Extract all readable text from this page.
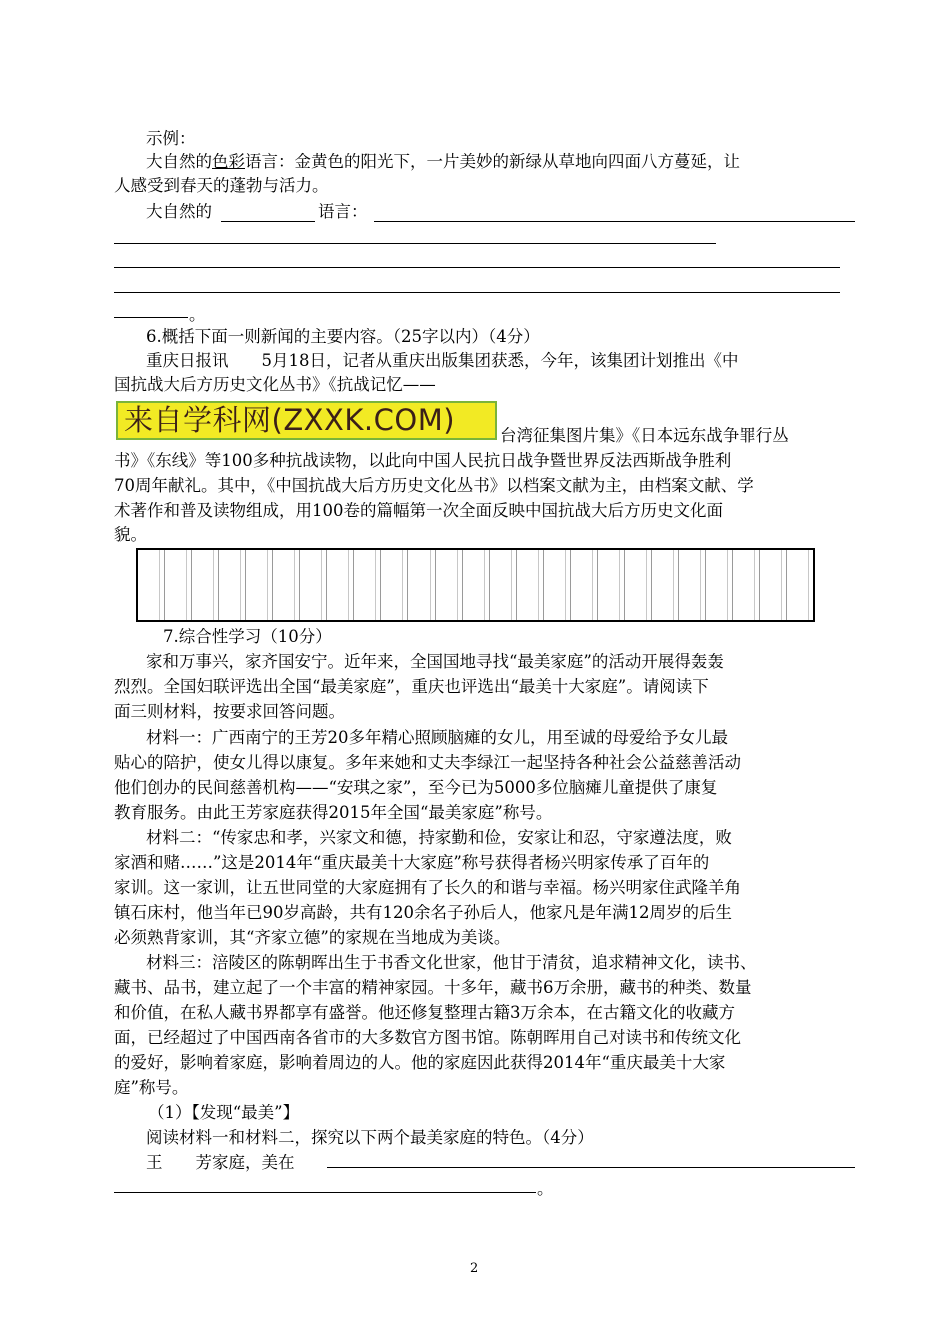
示例：
大自然的色彩语言：金黄色的阳光下，一片美妙的新绿从草地向四面八方蔓延，让
人感受到春天的蓬勃与活力。
大自然的	语言：
。
6.概括下面一则新闻的主要内容。（25字以内）（4分）
重庆日报讯　　5月18日，记者从重庆出版集团获悉，今年，该集团计划推出《中
国抗战大后方历史文化丛书》《抗战记忆——
来自学科网(ZXXK.COM)	台湾征集图片集》《日本远东战争罪行丛
书》《东线》等100多种抗战读物，以此向中国人民抗日战争暨世界反法西斯战争胜利
70周年献礼。其中，《中国抗战大后方历史文化丛书》以档案文献为主，由档案文献、学
术著作和普及读物组成，用100卷的篇幅第一次全面反映中国抗战大后方历史文化面
貌。
7.综合性学习（10分）
家和万事兴，家齐国安宁。近年来，全国国地寻找“最美家庭”的活动开展得轰轰
烈烈。全国妇联评选出全国“最美家庭”，重庆也评选出“最美十大家庭”。请阅读下
面三则材料，按要求回答问题。
材料一：广西南宁的王芳20多年精心照顾脑瘫的女儿，用至诚的母爱给予女儿最
贴心的陪护，使女儿得以康复。多年来她和丈夫李绿江一起坚持各种社会公益慈善活动
他们创办的民间慈善机构——“安琪之家”，至今已为5000多位脑瘫儿童提供了康复
教育服务。由此王芳家庭获得2015年全国“最美家庭”称号。
材料二：“传家忠和孝，兴家文和德，持家勤和俭，安家让和忍，守家遵法度，败
家酒和赌……”这是2014年“重庆最美十大家庭”称号获得者杨兴明家传承了百年的
家训。这一家训，让五世同堂的大家庭拥有了长久的和谐与幸福。杨兴明家住武隆羊角
镇石床村，他当年已90岁高龄，共有120余名子孙后人，他家凡是年满12周岁的后生
必须熟背家训，其“齐家立德”的家规在当地成为美谈。
材料三：涪陵区的陈朝晖出生于书香文化世家，他甘于清贫，追求精神文化，读书、
藏书、品书，建立起了一个丰富的精神家园。十多年，藏书6万余册，藏书的种类、数量
和价值，在私人藏书界都享有盛誉。他还修复整理古籍3万余本，在古籍文化的收藏方
面，已经超过了中国西南各省市的大多数官方图书馆。陈朝晖用自己对读书和传统文化
的爱好，影响着家庭，影响着周边的人。他的家庭因此获得2014年“重庆最美十大家
庭”称号。
（1）【发现“最美”】
阅读材料一和材料二，探究以下两个最美家庭的特色。（4分）
王　　芳家庭，美在
。
2
